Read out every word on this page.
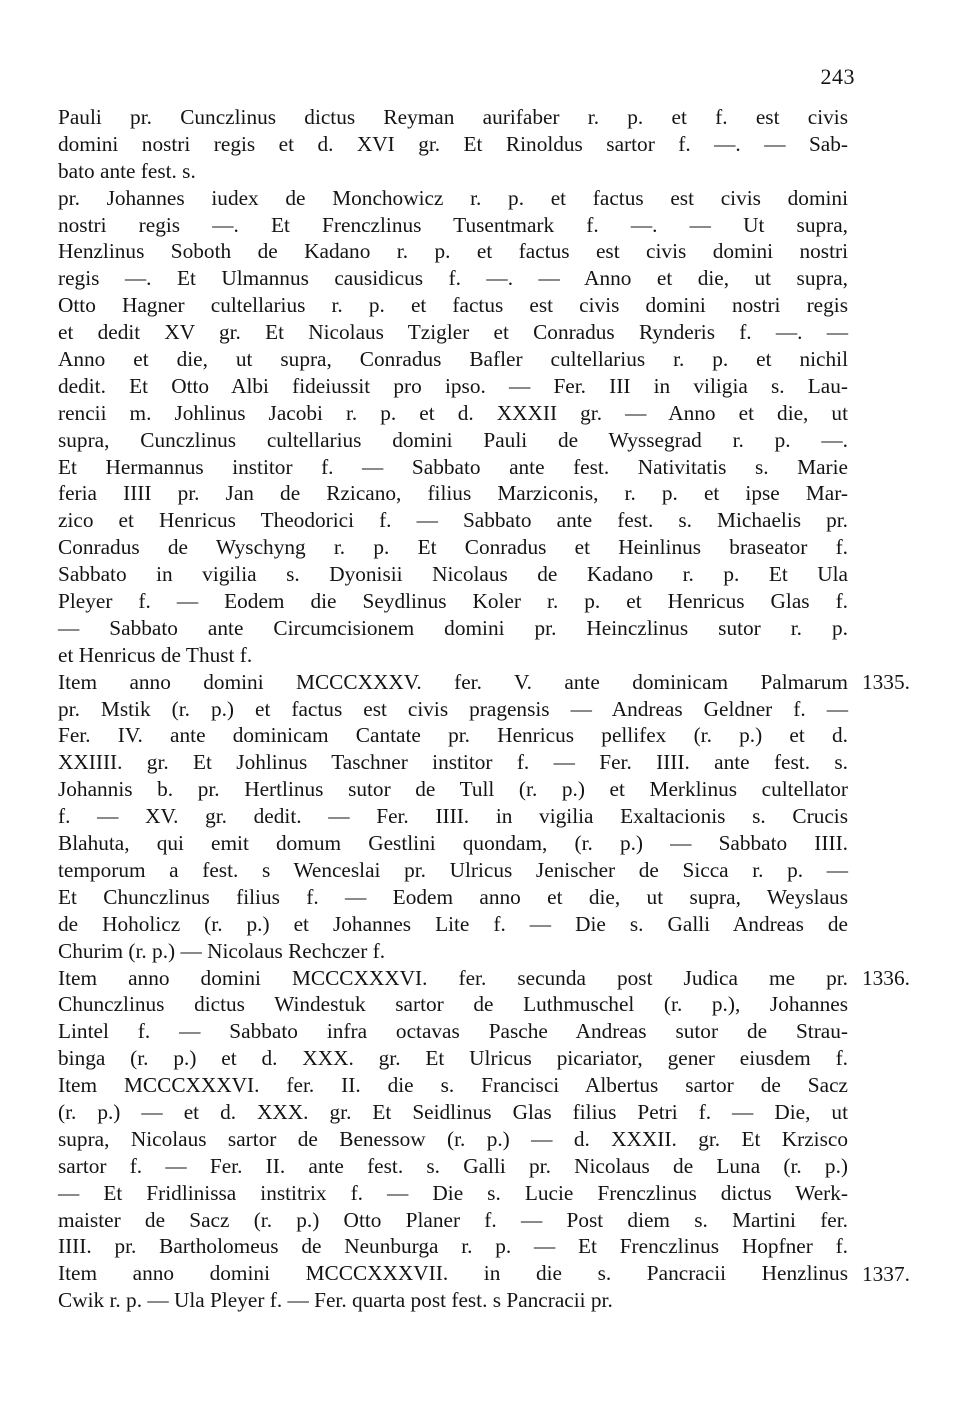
243
Pauli pr. Cunczlinus dictus Reyman aurifaber r. p. et f. est civis
domini nostri regis et d. XVI gr. Et Rinoldus sartor f. —. — Sab-
bato ante fest. s.
pr. Johannes iudex de Monchowicz r. p. et factus est civis domini
nostri regis —. Et Frenczlinus Tusentmark f. —. — Ut supra,
Henzlinus Soboth de Kadano r. p. et factus est civis domini nostri
regis —. Et Ulmannus causidicus f. —. — Anno et die, ut supra,
Otto Hagner cultellarius r. p. et factus est civis domini nostri regis
et dedit XV gr. Et Nicolaus Tzigler et Conradus Rynderis f. —. —
Anno et die, ut supra, Conradus Bafler cultellarius r. p. et nichil
dedit. Et Otto Albi fideiussit pro ipso. — Fer. III in viligia s. Lau-
rencii m. Johlinus Jacobi r. p. et d. XXXII gr. — Anno et die, ut
supra, Cunczlinus cultellarius domini Pauli de Wyssegrad r. p. —.
Et Hermannus institor f. — Sabbato ante fest. Nativitatis s. Marie
feria IIII pr. Jan de Rzicano, filius Marziconis, r. p. et ipse Mar-
zico et Henricus Theodorici f. — Sabbato ante fest. s. Michaelis pr.
Conradus de Wyschyng r. p. Et Conradus et Heinlinus braseator f.
Sabbato in vigilia s. Dyonisii Nicolaus de Kadano r. p. Et Ula
Pleyer f. — Eodem die Seydlinus Koler r. p. et Henricus Glas f.
— Sabbato ante Circumcisionem domini pr. Heinczlinus sutor r. p.
et Henricus de Thust f.
Item anno domini MCCCXXXV. fer. V. ante dominicam Palmarum
pr. Mstik (r. p.) et factus est civis pragensis — Andreas Geldner f. —
Fer. IV. ante dominicam Cantate pr. Henricus pellifex (r. p.) et d.
XXIIII. gr. Et Johlinus Taschner institor f. — Fer. IIII. ante fest. s.
Johannis b. pr. Hertlinus sutor de Tull (r. p.) et Merklinus cultellator
f. — XV. gr. dedit. — Fer. IIII. in vigilia Exaltacionis s. Crucis
Blahuta, qui emit domum Gestlini quondam, (r. p.) — Sabbato IIII.
temporum a fest. s Wenceslai pr. Ulricus Jenischer de Sicca r. p. —
Et Chunczlinus filius f. — Eodem anno et die, ut supra, Weyslaus
de Hoholicz (r. p.) et Johannes Lite f. — Die s. Galli Andreas de
Churim (r. p.) — Nicolaus Rechczer f.
Item anno domini MCCCXXXVI. fer. secunda post Judica me pr.
Chunczlinus dictus Windestuk sartor de Luthmuschel (r. p.), Johannes
Lintel f. — Sabbato infra octavas Pasche Andreas sutor de Strau-
binga (r. p.) et d. XXX. gr. Et Ulricus picariator, gener eiusdem f.
Item MCCCXXXVI. fer. II. die s. Francisci Albertus sartor de Sacz
(r. p.) — et d. XXX. gr. Et Seidlinus Glas filius Petri f. — Die, ut
supra, Nicolaus sartor de Benessow (r. p.) — d. XXXII. gr. Et Krzisco
sartor f. — Fer. II. ante fest. s. Galli pr. Nicolaus de Luna (r. p.)
— Et Fridlinissa institrix f. — Die s. Lucie Frenczlinus dictus Werk-
maister de Sacz (r. p.) Otto Planer f. — Post diem s. Martini fer.
IIII. pr. Bartholomeus de Neunburga r. p. — Et Frenczlinus Hopfner f.
Item anno domini MCCCXXXVII. in die s. Pancracii Henzlinus
Cwik r. p. — Ula Pleyer f. — Fer. quarta post fest. s Pancracii pr.
1335.
1336.
1337.
